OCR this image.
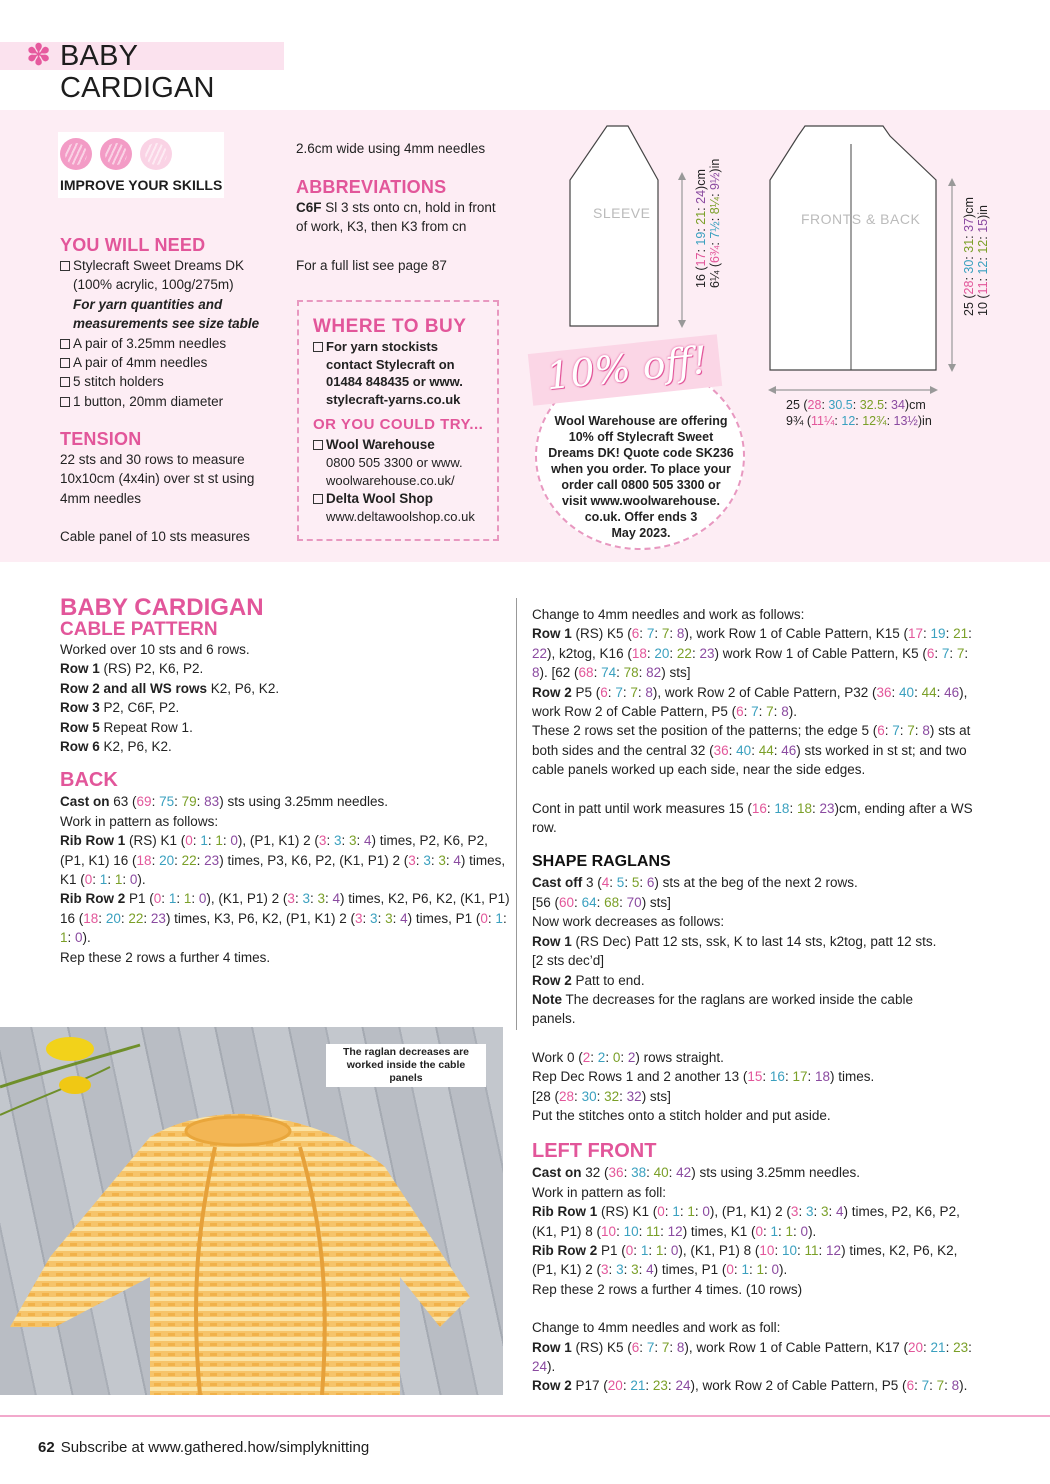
✽ BABY CARDIGAN
IMPROVE YOUR SKILLS
YOU WILL NEED
Stylecraft Sweet Dreams DK
(100% acrylic, 100g/275m)
For yarn quantities and
measurements see size table
A pair of 3.25mm needles
A pair of 4mm needles
5 stitch holders
1 button, 20mm diameter
TENSION
22 sts and 30 rows to measure
10x10cm (4x4in) over st st using
4mm needles
Cable panel of 10 sts measures
2.6cm wide using 4mm needles
ABBREVIATIONS
C6F Sl 3 sts onto cn, hold in front
of work, K3, then K3 from cn
For a full list see page 87
WHERE TO BUY
For yarn stockists
contact Stylecraft on
01484 848435 or www.
stylecraft-yarns.co.uk
OR YOU COULD TRY...
Wool Warehouse
0800 505 3300 or www.
woolwarehouse.co.uk/
Delta Wool Shop
www.deltawoolshop.co.uk
SLEEVE	FRONTS & BACK
16 (17: 19: 21: 24)cm
6¼ (6¾: 7½: 8¼: 9½)in
25 (28: 30: 31: 37)cm
10 (11: 12: 12: 15)in
25 (28: 30.5: 32.5: 34)cm
9¾ (11¼: 12: 12¾: 13½)in
10% off!
Wool Warehouse are offering
10% off Stylecraft Sweet
Dreams DK! Quote code SK236
when you order. To place your
order call 0800 505 3300 or
visit www.woolwarehouse.
co.uk. Offer ends 3
May 2023.
BABY CARDIGAN
CABLE PATTERN

Worked over 10 sts and 6 rows.

Row 1 (RS) P2, K6, P2.

Row 2 and all WS rows K2, P6, K2.

Row 3 P2, C6F, P2.

Row 5 Repeat Row 1.

Row 6 K2, P6, K2.

BACK

Cast on 63 (69: 75: 79: 83) sts using 3.25mm needles.

Work in pattern as follows:

Rib Row 1 (RS) K1 (0: 1: 1: 0), (P1, K1) 2 (3: 3: 3: 4) times, P2, K6, P2, (P1, K1) 16 (18: 20: 22: 23) times, P3, K6, P2, (K1, P1) 2 (3: 3: 3: 4) times, K1 (0: 1: 1: 0).

Rib Row 2 P1 (0: 1: 1: 0), (K1, P1) 2 (3: 3: 3: 4) times, K2, P6, K2, (K1, P1) 16 (18: 20: 22: 23) times, K3, P6, K2, (P1, K1) 2 (3: 3: 3: 4) times, P1 (0: 1: 1: 0).

Rep these 2 rows a further 4 times.

Change to 4mm needles and work as follows:

Row 1 (RS) K5 (6: 7: 7: 8), work Row 1 of Cable Pattern, K15 (17: 19: 21: 22), k2tog, K16 (18: 20: 22: 23) work Row 1 of Cable Pattern, K5 (6: 7: 7: 8). [62 (68: 74: 78: 82) sts]

Row 2 P5 (6: 7: 7: 8), work Row 2 of Cable Pattern, P32 (36: 40: 44: 46), work Row 2 of Cable Pattern, P5 (6: 7: 7: 8).

These 2 rows set the position of the patterns; the edge 5 (6: 7: 7: 8) sts at both sides and the central 32 (36: 40: 44: 46) sts worked in st st; and two cable panels worked up each side, near the side edges.

Cont in patt until work measures 15 (16: 18: 18: 23)cm, ending after a WS row.

SHAPE RAGLANS

Cast off 3 (4: 5: 5: 6) sts at the beg of the next 2 rows.

[56 (60: 64: 68: 70) sts]

Now work decreases as follows:

Row 1 (RS Dec) Patt 12 sts, ssk, K to last 14 sts, k2tog, patt 12 sts.

[2 sts dec’d]

Row 2 Patt to end.

Note The decreases for the raglans are worked inside the cable

panels.

Work 0 (2: 2: 0: 2) rows straight.

Rep Dec Rows 1 and 2 another 13 (15: 16: 17: 18) times.

[28 (28: 30: 32: 32) sts]

Put the stitches onto a stitch holder and put aside.

LEFT FRONT

Cast on 32 (36: 38: 40: 42) sts using 3.25mm needles.

Work in pattern as foll:

Rib Row 1 (RS) K1 (0: 1: 1: 0), (P1, K1) 2 (3: 3: 3: 4) times, P2, K6, P2, (K1, P1) 8 (10: 10: 11: 12) times, K1 (0: 1: 1: 0).

Rib Row 2 P1 (0: 1: 1: 0), (K1, P1) 8 (10: 10: 11: 12) times, K2, P6, K2, (P1, K1) 2 (3: 3: 3: 4) times, P1 (0: 1: 1: 0).

Rep these 2 rows a further 4 times. (10 rows)

Change to 4mm needles and work as foll:

Row 1 (RS) K5 (6: 7: 7: 8), work Row 1 of Cable Pattern, K17 (20: 21: 23: 24).

Row 2 P17 (20: 21: 23: 24), work Row 2 of Cable Pattern, P5 (6: 7: 7: 8).

The raglan decreases are
worked inside the cable panels
62 Subscribe at www.gathered.how/simplyknitting
